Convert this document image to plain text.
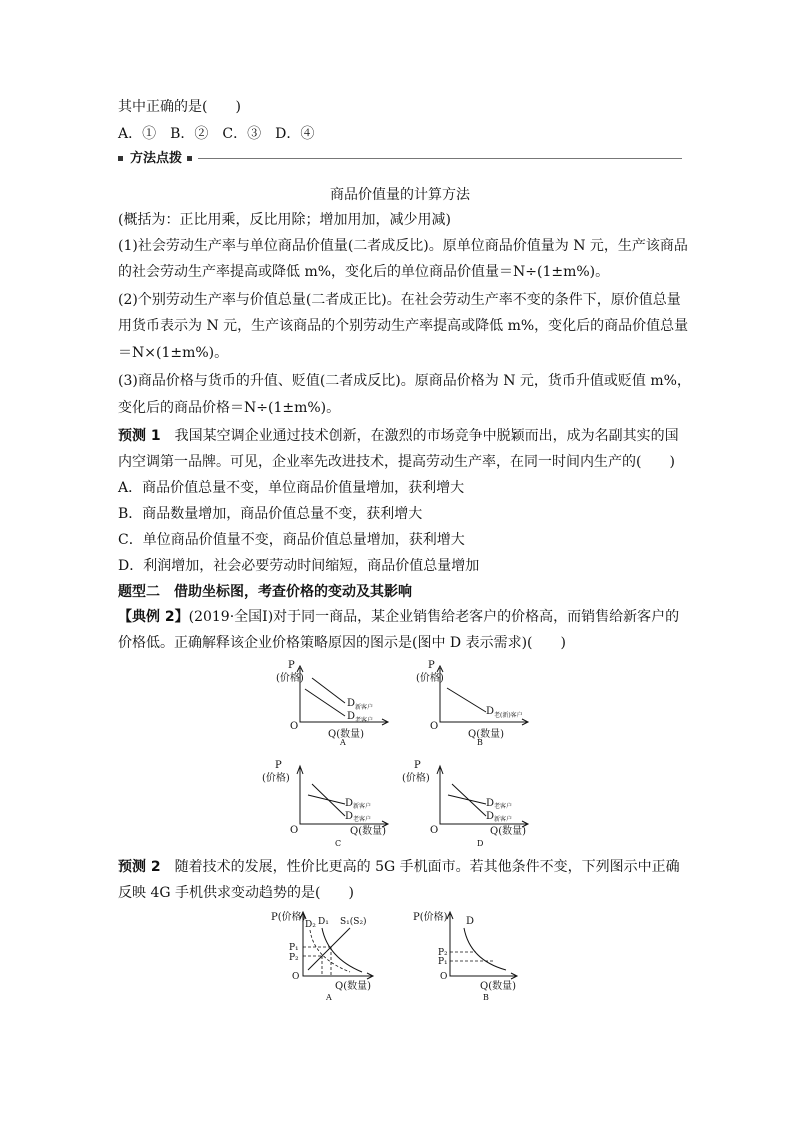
其中正确的是(　　)
A．①　B．②　C．③　D．④
方法点拨
商品价值量的计算方法
(概括为：正比用乘，反比用除；增加用加，减少用减)
(1)社会劳动生产率与单位商品价值量(二者成反比)。原单位商品价值量为 N 元，生产该商品
的社会劳动生产率提高或降低 m%，变化后的单位商品价值量＝N÷(1±m%)。
(2)个别劳动生产率与价值总量(二者成正比)。在社会劳动生产率不变的条件下，原价值总量
用货币表示为 N 元，生产该商品的个别劳动生产率提高或降低 m%，变化后的商品价值总量
＝N×(1±m%)。
(3)商品价格与货币的升值、贬值(二者成反比)。原商品价格为 N 元，货币升值或贬值 m%，
变化后的商品价格＝N÷(1±m%)。
预测 1　 我国某空调企业通过技术创新，在激烈的市场竞争中脱颖而出，成为名副其实的国
内空调第一品牌。可见，企业率先改进技术，提高劳动生产率，在同一时间内生产的(　　)
A．商品价值总量不变，单位商品价值量增加，获利增大
B．商品数量增加，商品价值总量不变，获利增大
C．单位商品价值量不变，商品价值总量增加，获利增大
D．利润增加，社会必要劳动时间缩短，商品价值总量增加
题型二　 借助坐标图，考查价格的变动及其影响
【典例 2】(2019·全国Ⅰ)对于同一商品，某企业销售给老客户的价格高，而销售给新客户的
价格低。正确解释该企业价格策略原因的图示是(图中 D 表示需求)(　　)
P
(价格)
D 新客户
D 老客户
O
Q(数量)
A
P
(价格)
D 老(新)客户
O
Q(数量)
B
P
(价格)
D 新客户
D 老客户
O	Q(数量)
C
P
(价格)
D 老客户
D 新客户
O	Q(数量)
D
预测 2　 随着技术的发展，性价比更高的 5G 手机面市。若其他条件不变，下列图示中正确
反映 4G 手机供求变动趋势的是(　　)
P(价格)
D₂ D₁ S₁(S₂)
P₁
P₂
O
Q(数量)
A
P(价格) D
P₂
P₁
O
Q(数量)
B
